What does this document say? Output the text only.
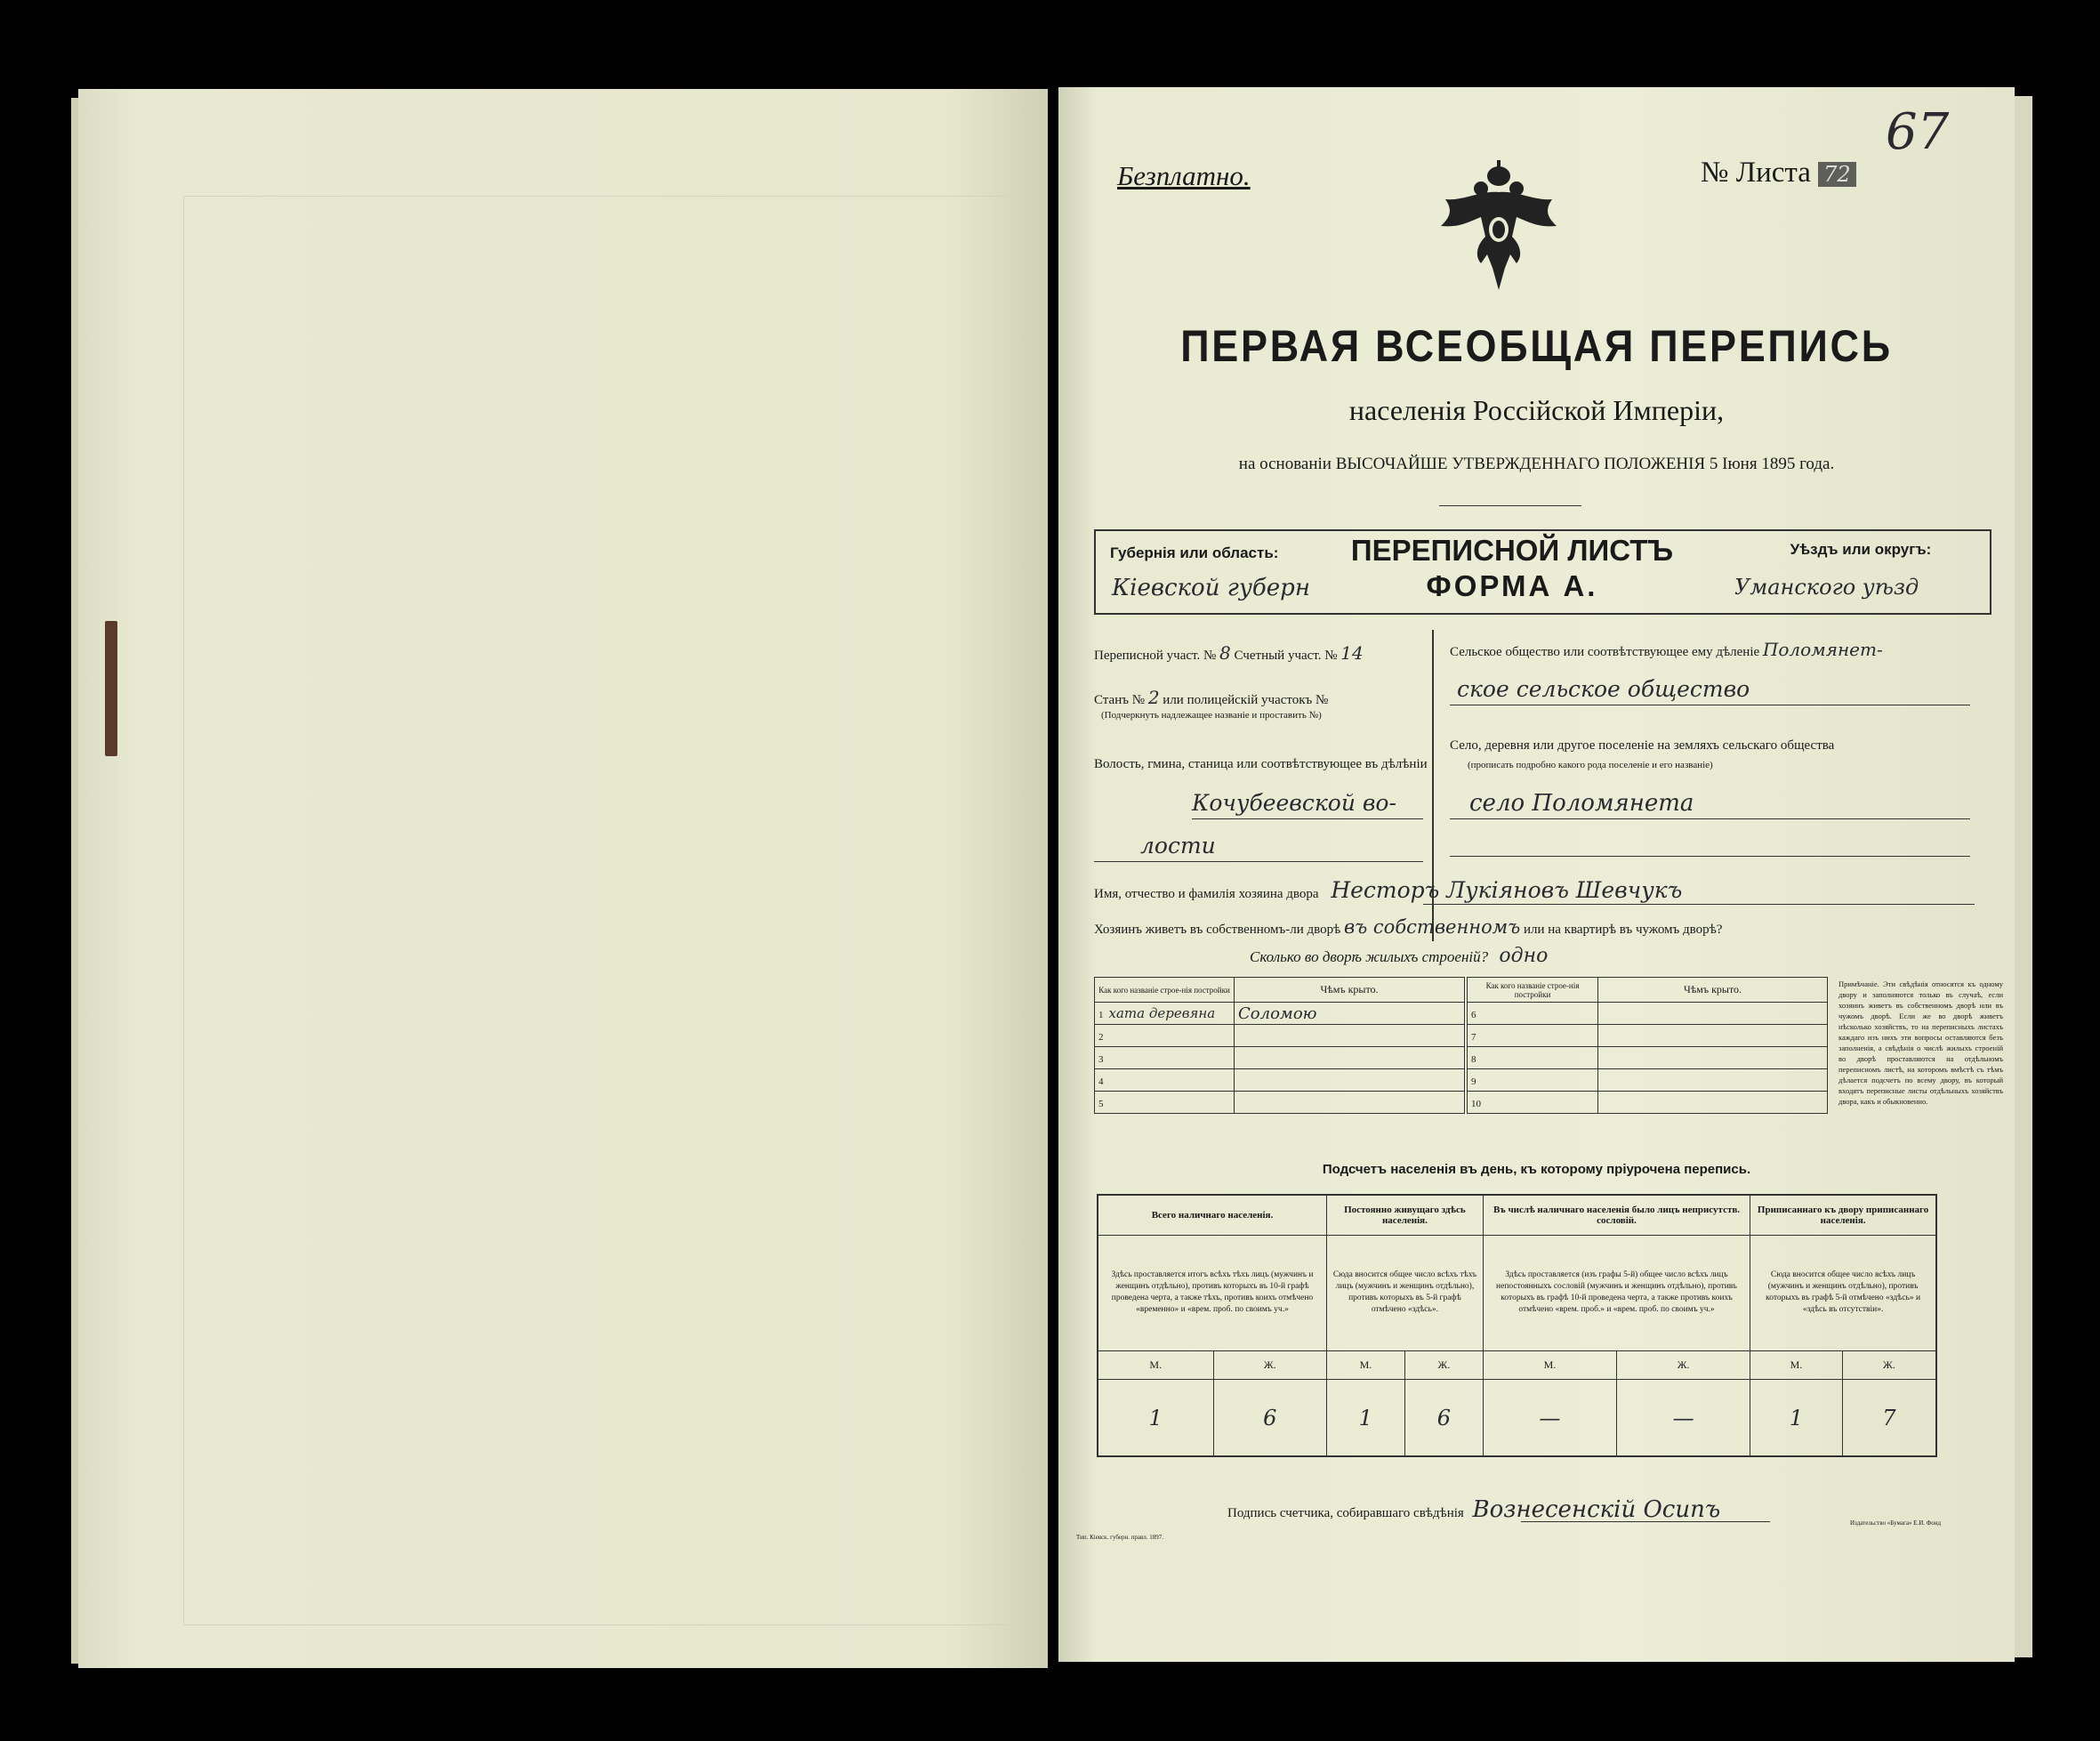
Безплатно.	№ Листа 72
67
ПЕРВАЯ ВСЕОБЩАЯ ПЕРЕПИСЬ
населенія Россійской Имперіи,
на основаніи ВЫСОЧАЙШЕ УТВЕРЖДЕННАГО ПОЛОЖЕНІЯ 5 Іюня 1895 года.
Губернія или область:
Кіевской губерн
ПЕРЕПИСНОЙ ЛИСТЪ
ФОРМА А.
Уѣздъ или округъ:
Уманского уѣзд
Переписной участ. № 8 Счетный участ. № 14
Станъ № 2 или полицейскій участокъ №
(Подчеркнуть надлежащее названіе и проставить №)
Волость, гмина, станица или соотвѣтствующее въ дѣлѣніи
Кочубеевской во-
лости
Сельское общество или соотвѣтствующее ему дѣленіе Поломянет-
ское сельское общество
Село, деревня или другое поселеніе на земляхъ сельскаго общества
(прописать подробно какого рода поселеніе и его названіе)
село Поломянета
Имя, отчество и фамилія хозяина двора Несторъ Лукіяновъ Шевчукъ
Хозяинъ живетъ въ собственномъ-ли дворѣ въ собственномъ или на квартирѣ въ чужомъ дворѣ?
Сколько во дворѣ жилыхъ строеній? одно
Как кого названіе строе-нія постройки	Чѣмъ крыто.
1 хата деревяна	Соломою
2	
3	
4	
5	
Как кого названіе строе-нія постройки	Чѣмъ крыто.
6	
7	
8	
9	
10	
Примѣчаніе. Эти свѣдѣнія относятся къ одному двору и заполняются только въ случаѣ, если хозяинъ живетъ въ собственномъ дворѣ или въ чужомъ дворѣ. Если же во дворѣ живетъ нѣсколько хозяйствъ, то на переписныхъ листахъ каждаго изъ нихъ эти вопросы оставляются безъ заполненія, а свѣдѣнія о числѣ жилыхъ строеній во дворѣ проставляются на отдѣльномъ переписномъ листѣ, на которомъ вмѣстѣ съ тѣмъ дѣлается подсчетъ по всему двору, въ который входятъ переписные листы отдѣльныхъ хозяйствъ двора, какъ и обыкновенно.
Подсчетъ населенія въ день, къ которому пріурочена перепись.
Всего наличнаго населенія.		Постоянно живущаго здѣсь населенія.		Въ числѣ наличнаго населенія было лицъ неприсутств. сословій.		Приписаннаго къ двору приписаннаго населенія.	
Здѣсь проставляется итогъ всѣхъ тѣхъ лицъ (мужчинъ и женщинъ отдѣльно), противъ которыхъ въ 10-й графѣ проведена черта, а также тѣхъ, противъ коихъ отмѣчено «временно» и «врем. проб. по своимъ уч.»		Сюда вносится общее число всѣхъ тѣхъ лицъ (мужчинъ и женщинъ отдѣльно), противъ которыхъ въ 5-й графѣ отмѣчено «здѣсь».		Здѣсь проставляется (изъ графы 5-й) общее число всѣхъ лицъ непостоянныхъ сословій (мужчинъ и женщинъ отдѣльно), противъ которыхъ въ графѣ 10-й проведена черта, а также противъ коихъ отмѣчено «врем. проб.» и «врем. проб. по своимъ уч.»		Сюда вносится общее число всѣхъ лицъ (мужчинъ и женщинъ отдѣльно), противъ которыхъ въ графѣ 5-й отмѣчено «здѣсь» и «здѣсь въ отсутствіи».	
М.	Ж.	М.	Ж.	М.	Ж.	М.	Ж.
1	6	1	6	—	—	1	7
Подпись счетчика, собиравшаго свѣдѣнія Вознесенскій Осипъ
Тип. Кіевск. губерн. правл. 1897.
Издательство «Бумага» Е.И. Фонд
